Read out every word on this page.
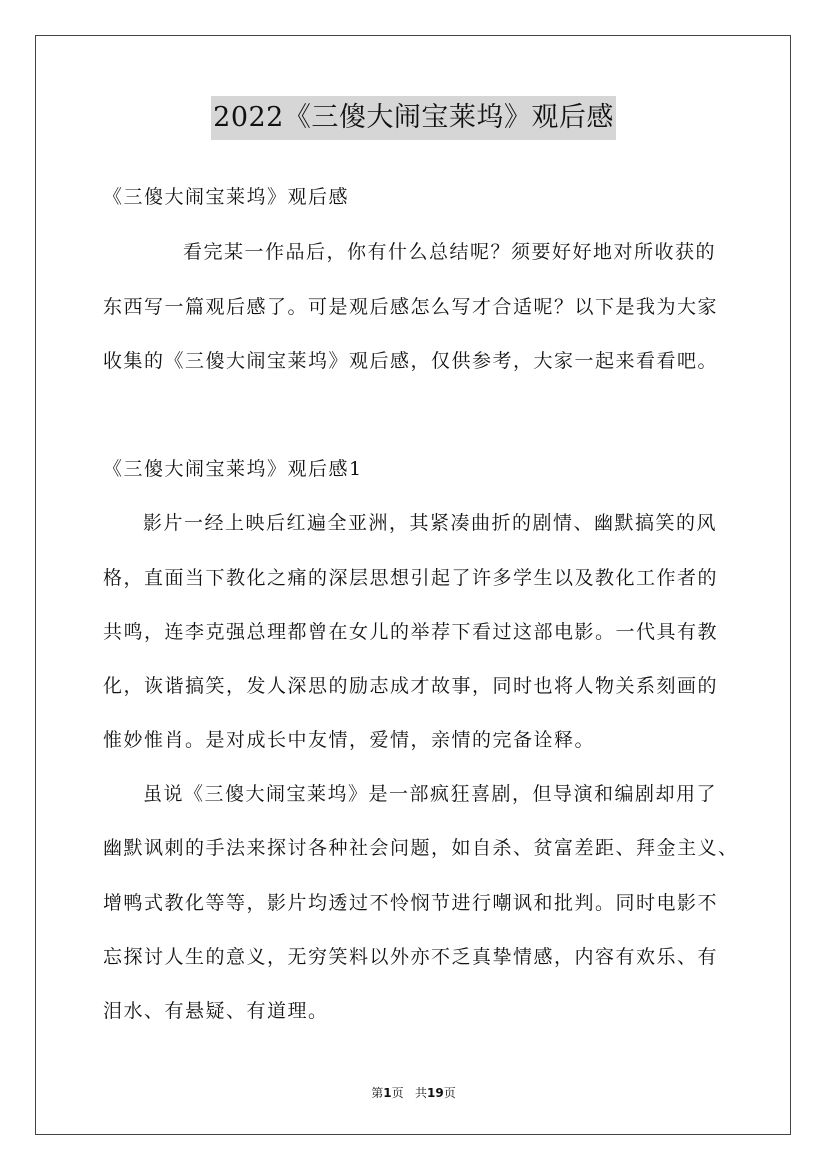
2022《三傻大闹宝莱坞》观后感
《三傻大闹宝莱坞》观后感
看完某一作品后，你有什么总结呢？须要好好地对所收获的
东西写一篇观后感了。可是观后感怎么写才合适呢？以下是我为大家
收集的《三傻大闹宝莱坞》观后感，仅供参考，大家一起来看看吧。
《三傻大闹宝莱坞》观后感1
影片一经上映后红遍全亚洲，其紧凑曲折的剧情、幽默搞笑的风
格，直面当下教化之痛的深层思想引起了许多学生以及教化工作者的
共鸣，连李克强总理都曾在女儿的举荐下看过这部电影。一代具有教
化，诙谐搞笑，发人深思的励志成才故事，同时也将人物关系刻画的
惟妙惟肖。是对成长中友情，爱情，亲情的完备诠释。
虽说《三傻大闹宝莱坞》是一部疯狂喜剧，但导演和编剧却用了
幽默讽刺的手法来探讨各种社会问题，如自杀、贫富差距、拜金主义、
增鸭式教化等等，影片均透过不怜悯节进行嘲讽和批判。同时电影不
忘探讨人生的意义，无穷笑料以外亦不乏真挚情感，内容有欢乐、有
泪水、有悬疑、有道理。
第1页   共19页
